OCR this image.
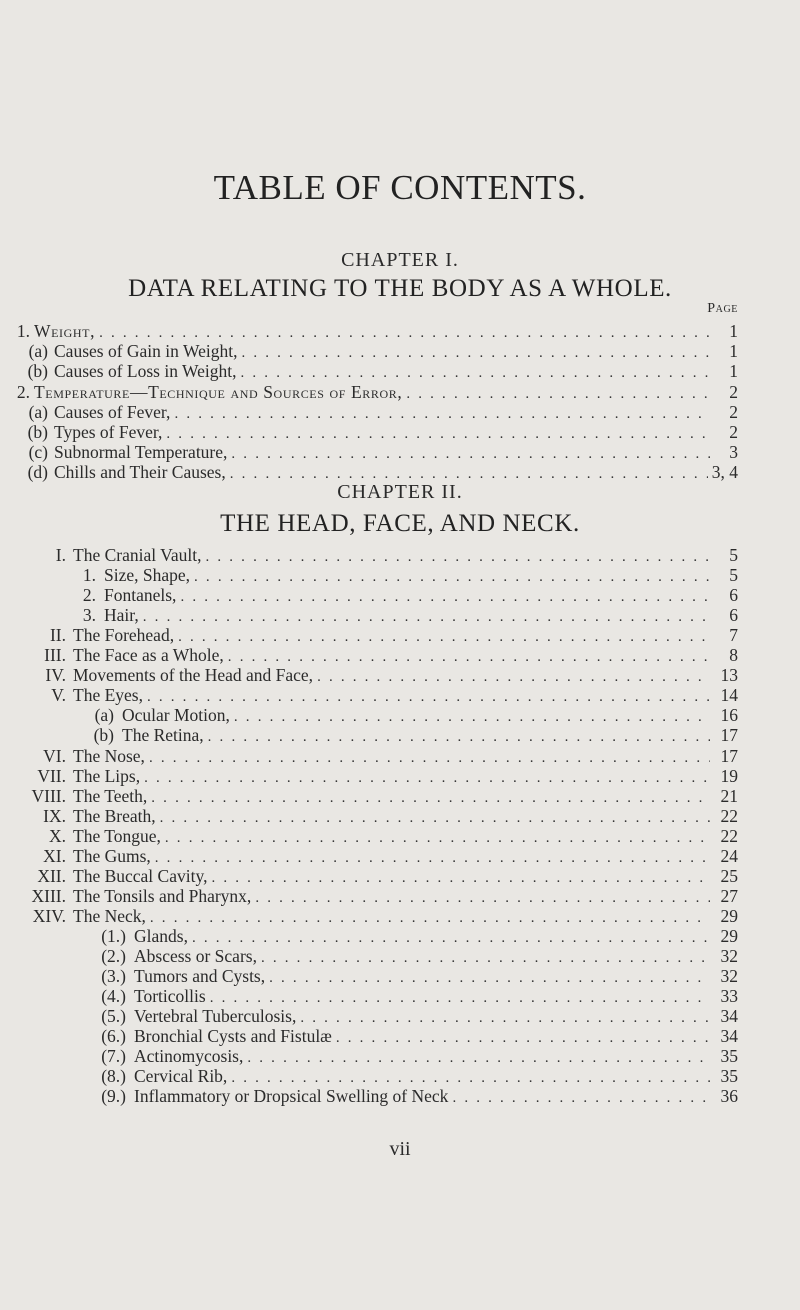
TABLE OF CONTENTS.
CHAPTER I.
DATA RELATING TO THE BODY AS A WHOLE.
Page
CHAPTER II.
THE HEAD, FACE, AND NECK.
1. Weight, . . .	1
(a) Causes of Gain in Weight, . . .	1
(b) Causes of Loss in Weight, . . .	1
2. Temperature—Technique and Sources of Error, . . .	2
(a) Causes of Fever, . . .	2
(b) Types of Fever, . . .	2
(c) Subnormal Temperature, . . .	3
(d) Chills and Their Causes, . . .	3, 4
I. The Cranial Vault, . . .	5
1. Size, Shape, . . .	5
2. Fontanels, . . .	6
3. Hair, . . .	6
II. The Forehead, . . .	7
III. The Face as a Whole, . . .	8
IV. Movements of the Head and Face, . . .	13
V. The Eyes, . . .	14
(a) Ocular Motion, . . .	16
(b) The Retina, . . .	17
VI. The Nose, . . .	17
VII. The Lips, . . .	19
VIII. The Teeth, . . .	21
IX. The Breath, . . .	22
X. The Tongue, . . .	22
XI. The Gums, . . .	24
XII. The Buccal Cavity, . . .	25
XIII. The Tonsils and Pharynx, . . .	27
XIV. The Neck, . . .	29
(1.) Glands, . . .	29
(2.) Abscess or Scars, . . .	32
(3.) Tumors and Cysts, . . .	32
(4.) Torticollis . . .	33
(5.) Vertebral Tuberculosis, . . .	34
(6.) Bronchial Cysts and Fistulæ . . .	34
(7.) Actinomycosis, . . .	35
(8.) Cervical Rib, . . .	35
(9.) Inflammatory or Dropsical Swelling of Neck . . .	36
vii
